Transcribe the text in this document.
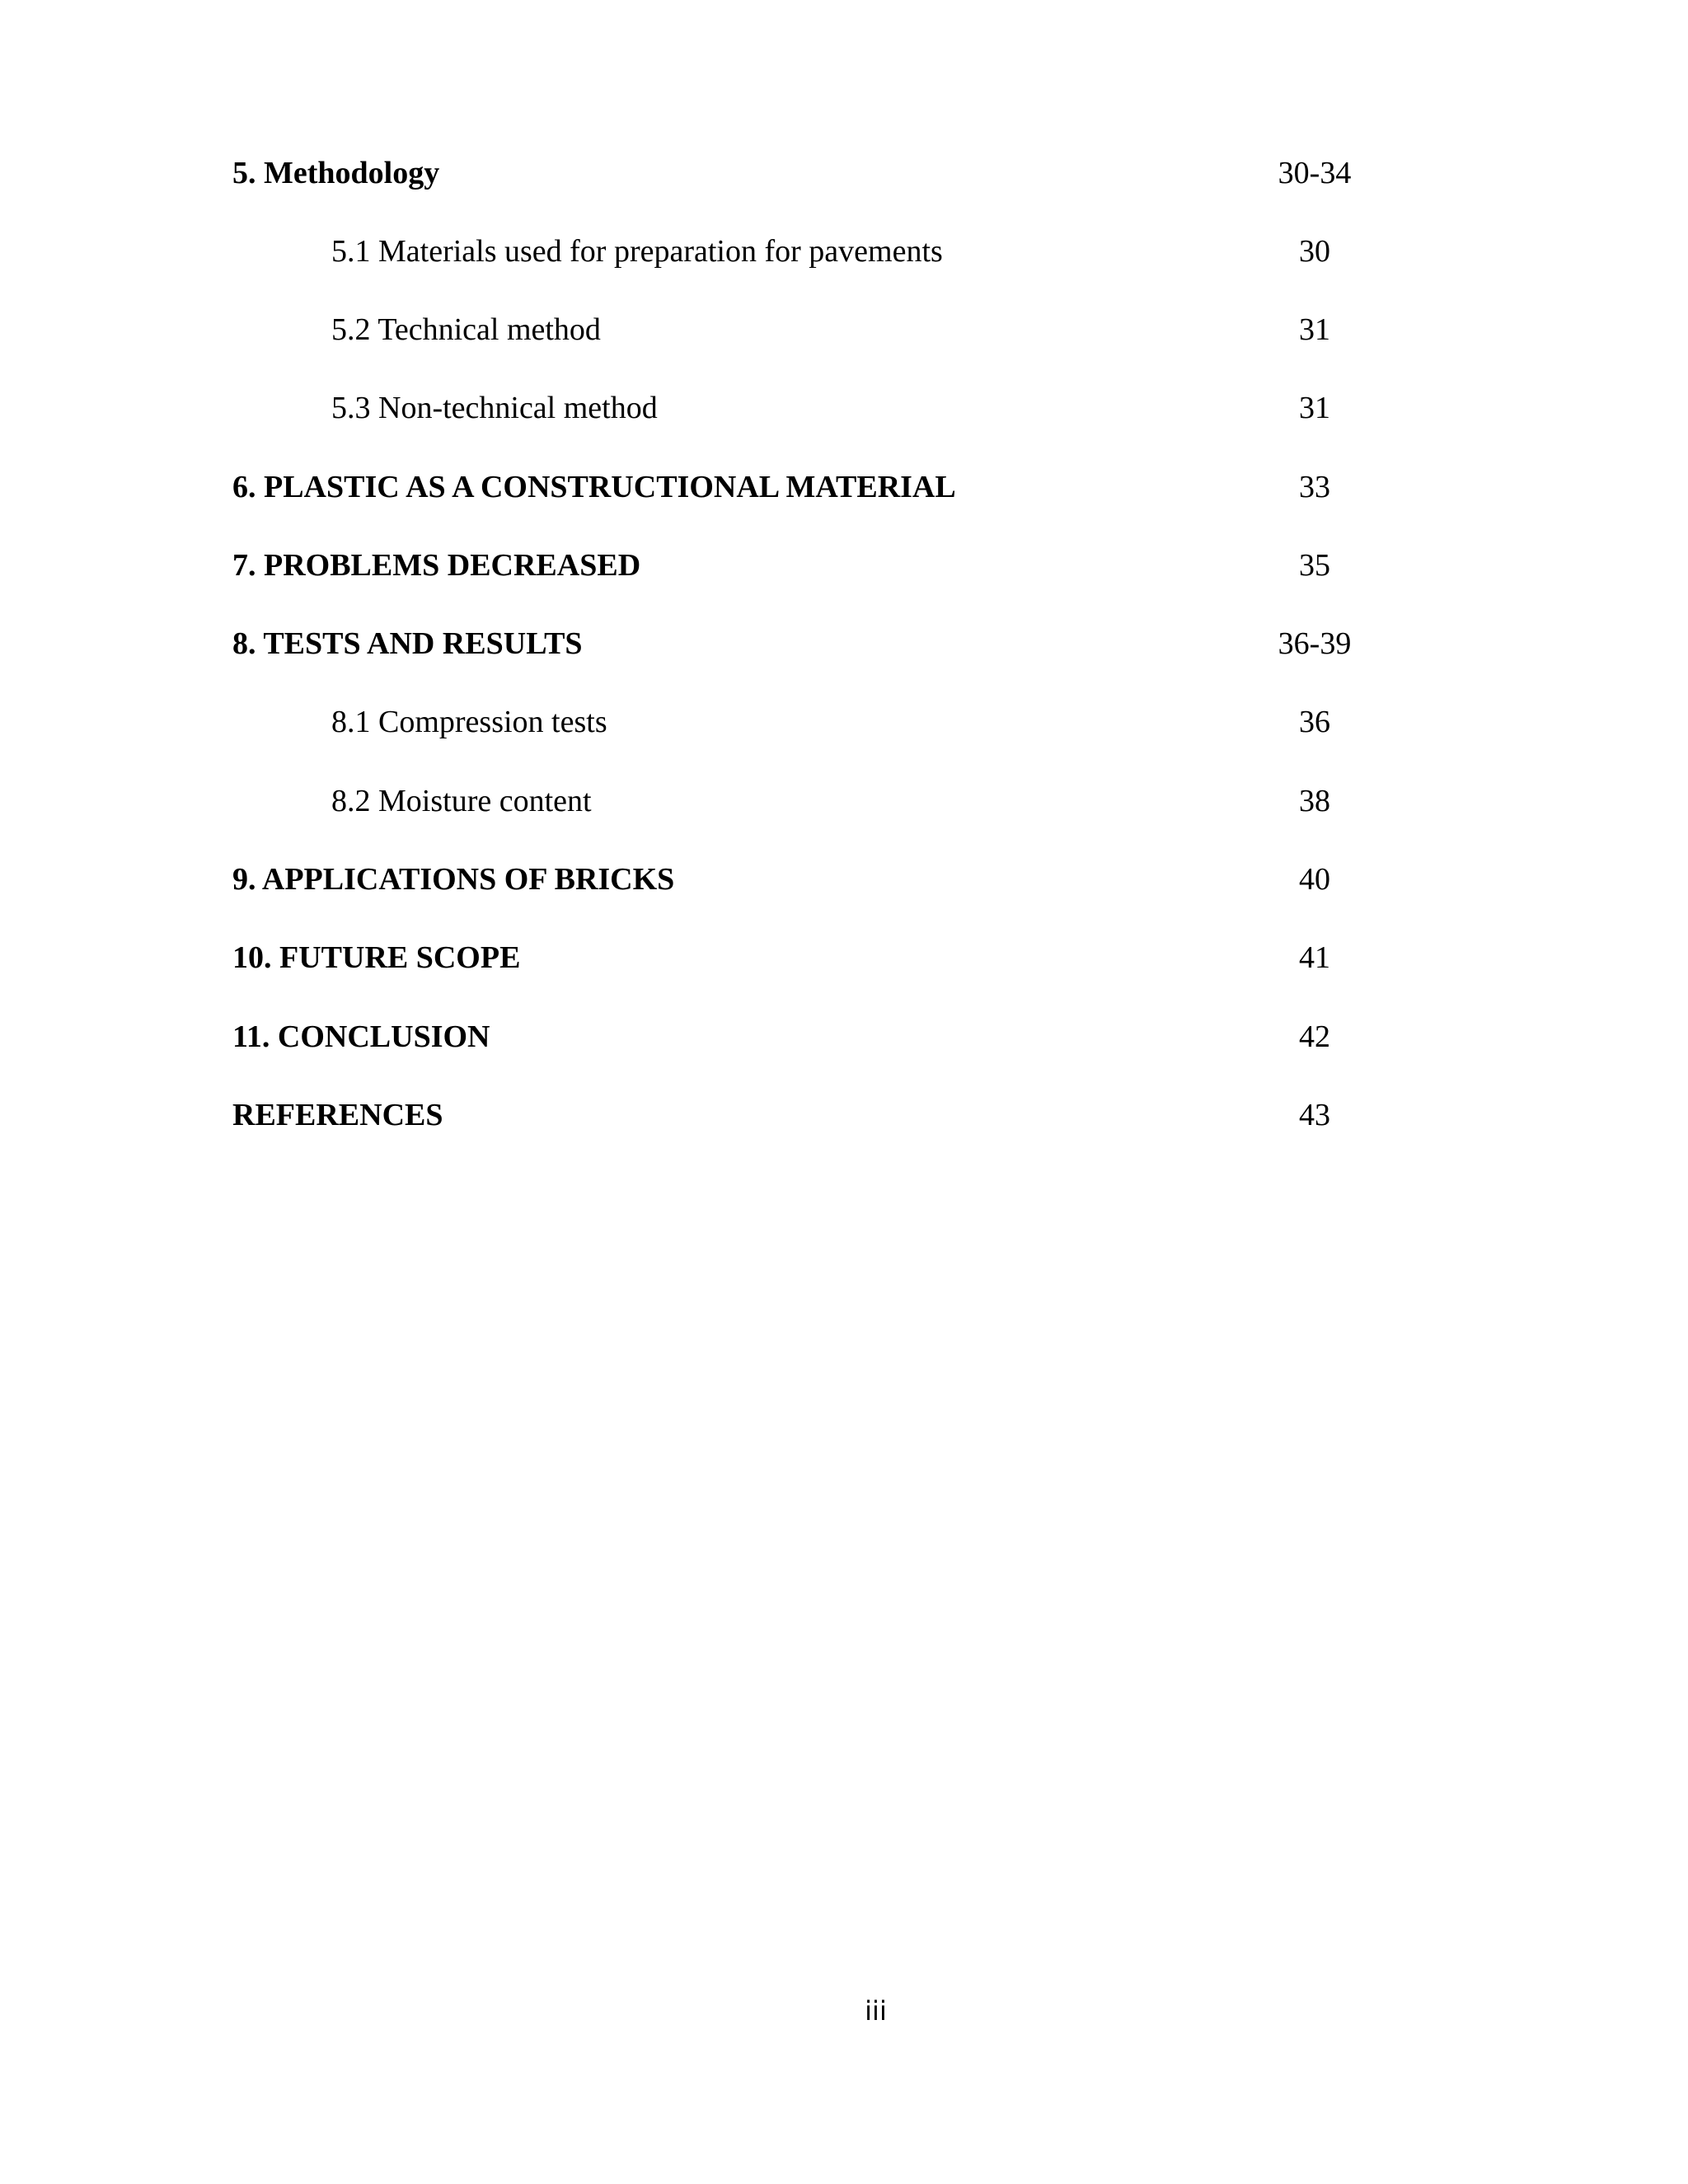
5. Methodology	30-34
5.1 Materials used for preparation for pavements	30
5.2 Technical method	31
5.3 Non-technical method	31
6. PLASTIC AS A CONSTRUCTIONAL MATERIAL	33
7. PROBLEMS DECREASED	35
8. TESTS AND RESULTS	36-39
8.1 Compression tests	36
8.2 Moisture content	38
9. APPLICATIONS OF BRICKS	40
10. FUTURE SCOPE	41
11. CONCLUSION	42
REFERENCES	43
iii
